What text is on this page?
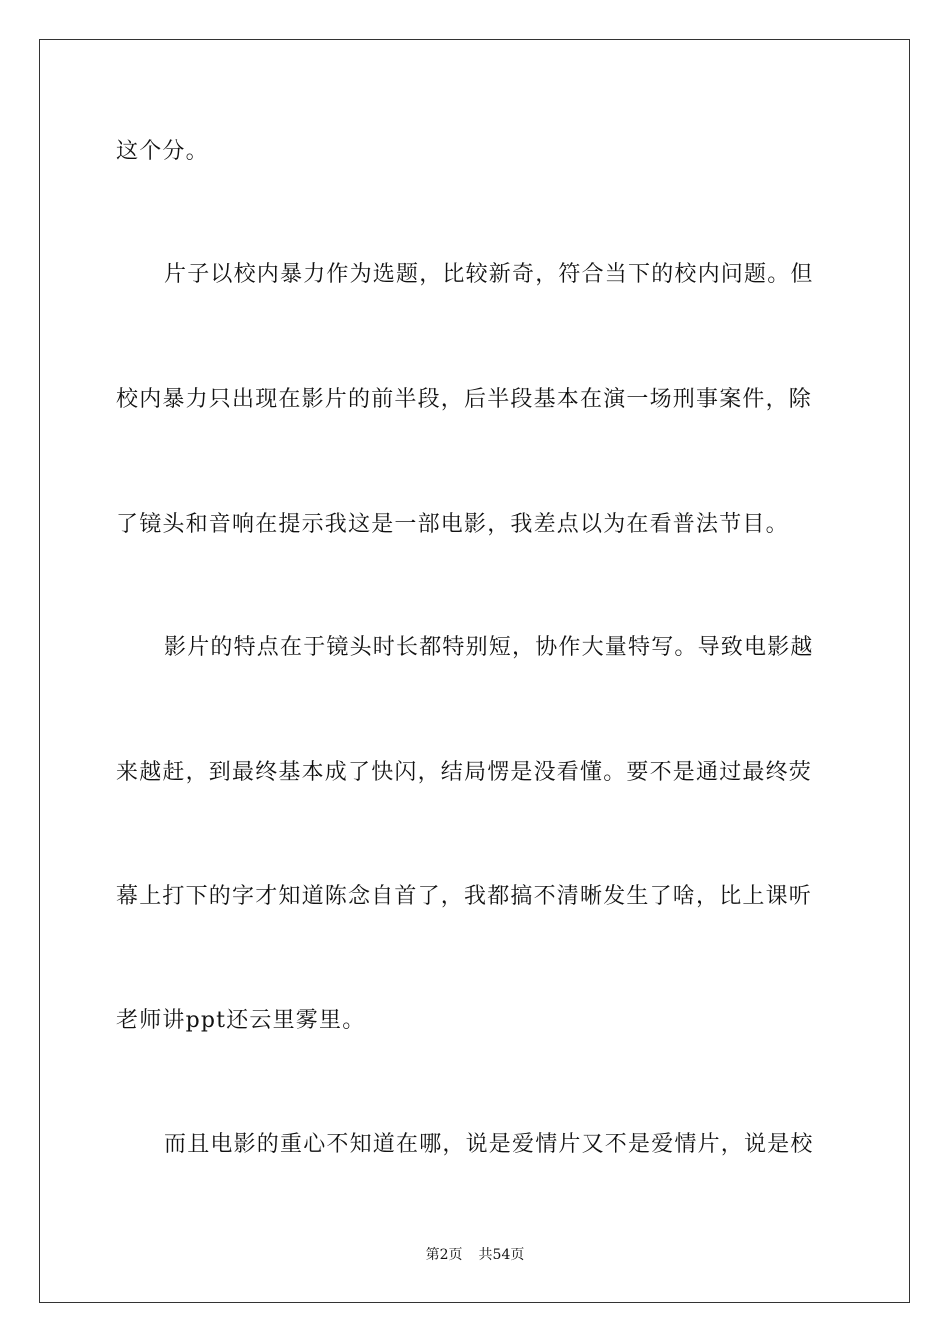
这个分。
片子以校内暴力作为选题，比较新奇，符合当下的校内问题。但
校内暴力只出现在影片的前半段，后半段基本在演一场刑事案件，除
了镜头和音响在提示我这是一部电影，我差点以为在看普法节目。
影片的特点在于镜头时长都特别短，协作大量特写。导致电影越
来越赶，到最终基本成了快闪，结局愣是没看懂。要不是通过最终荧
幕上打下的字才知道陈念自首了，我都搞不清晰发生了啥，比上课听
老师讲ppt还云里雾里。
而且电影的重心不知道在哪，说是爱情片又不是爱情片，说是校
第2页 共54页
